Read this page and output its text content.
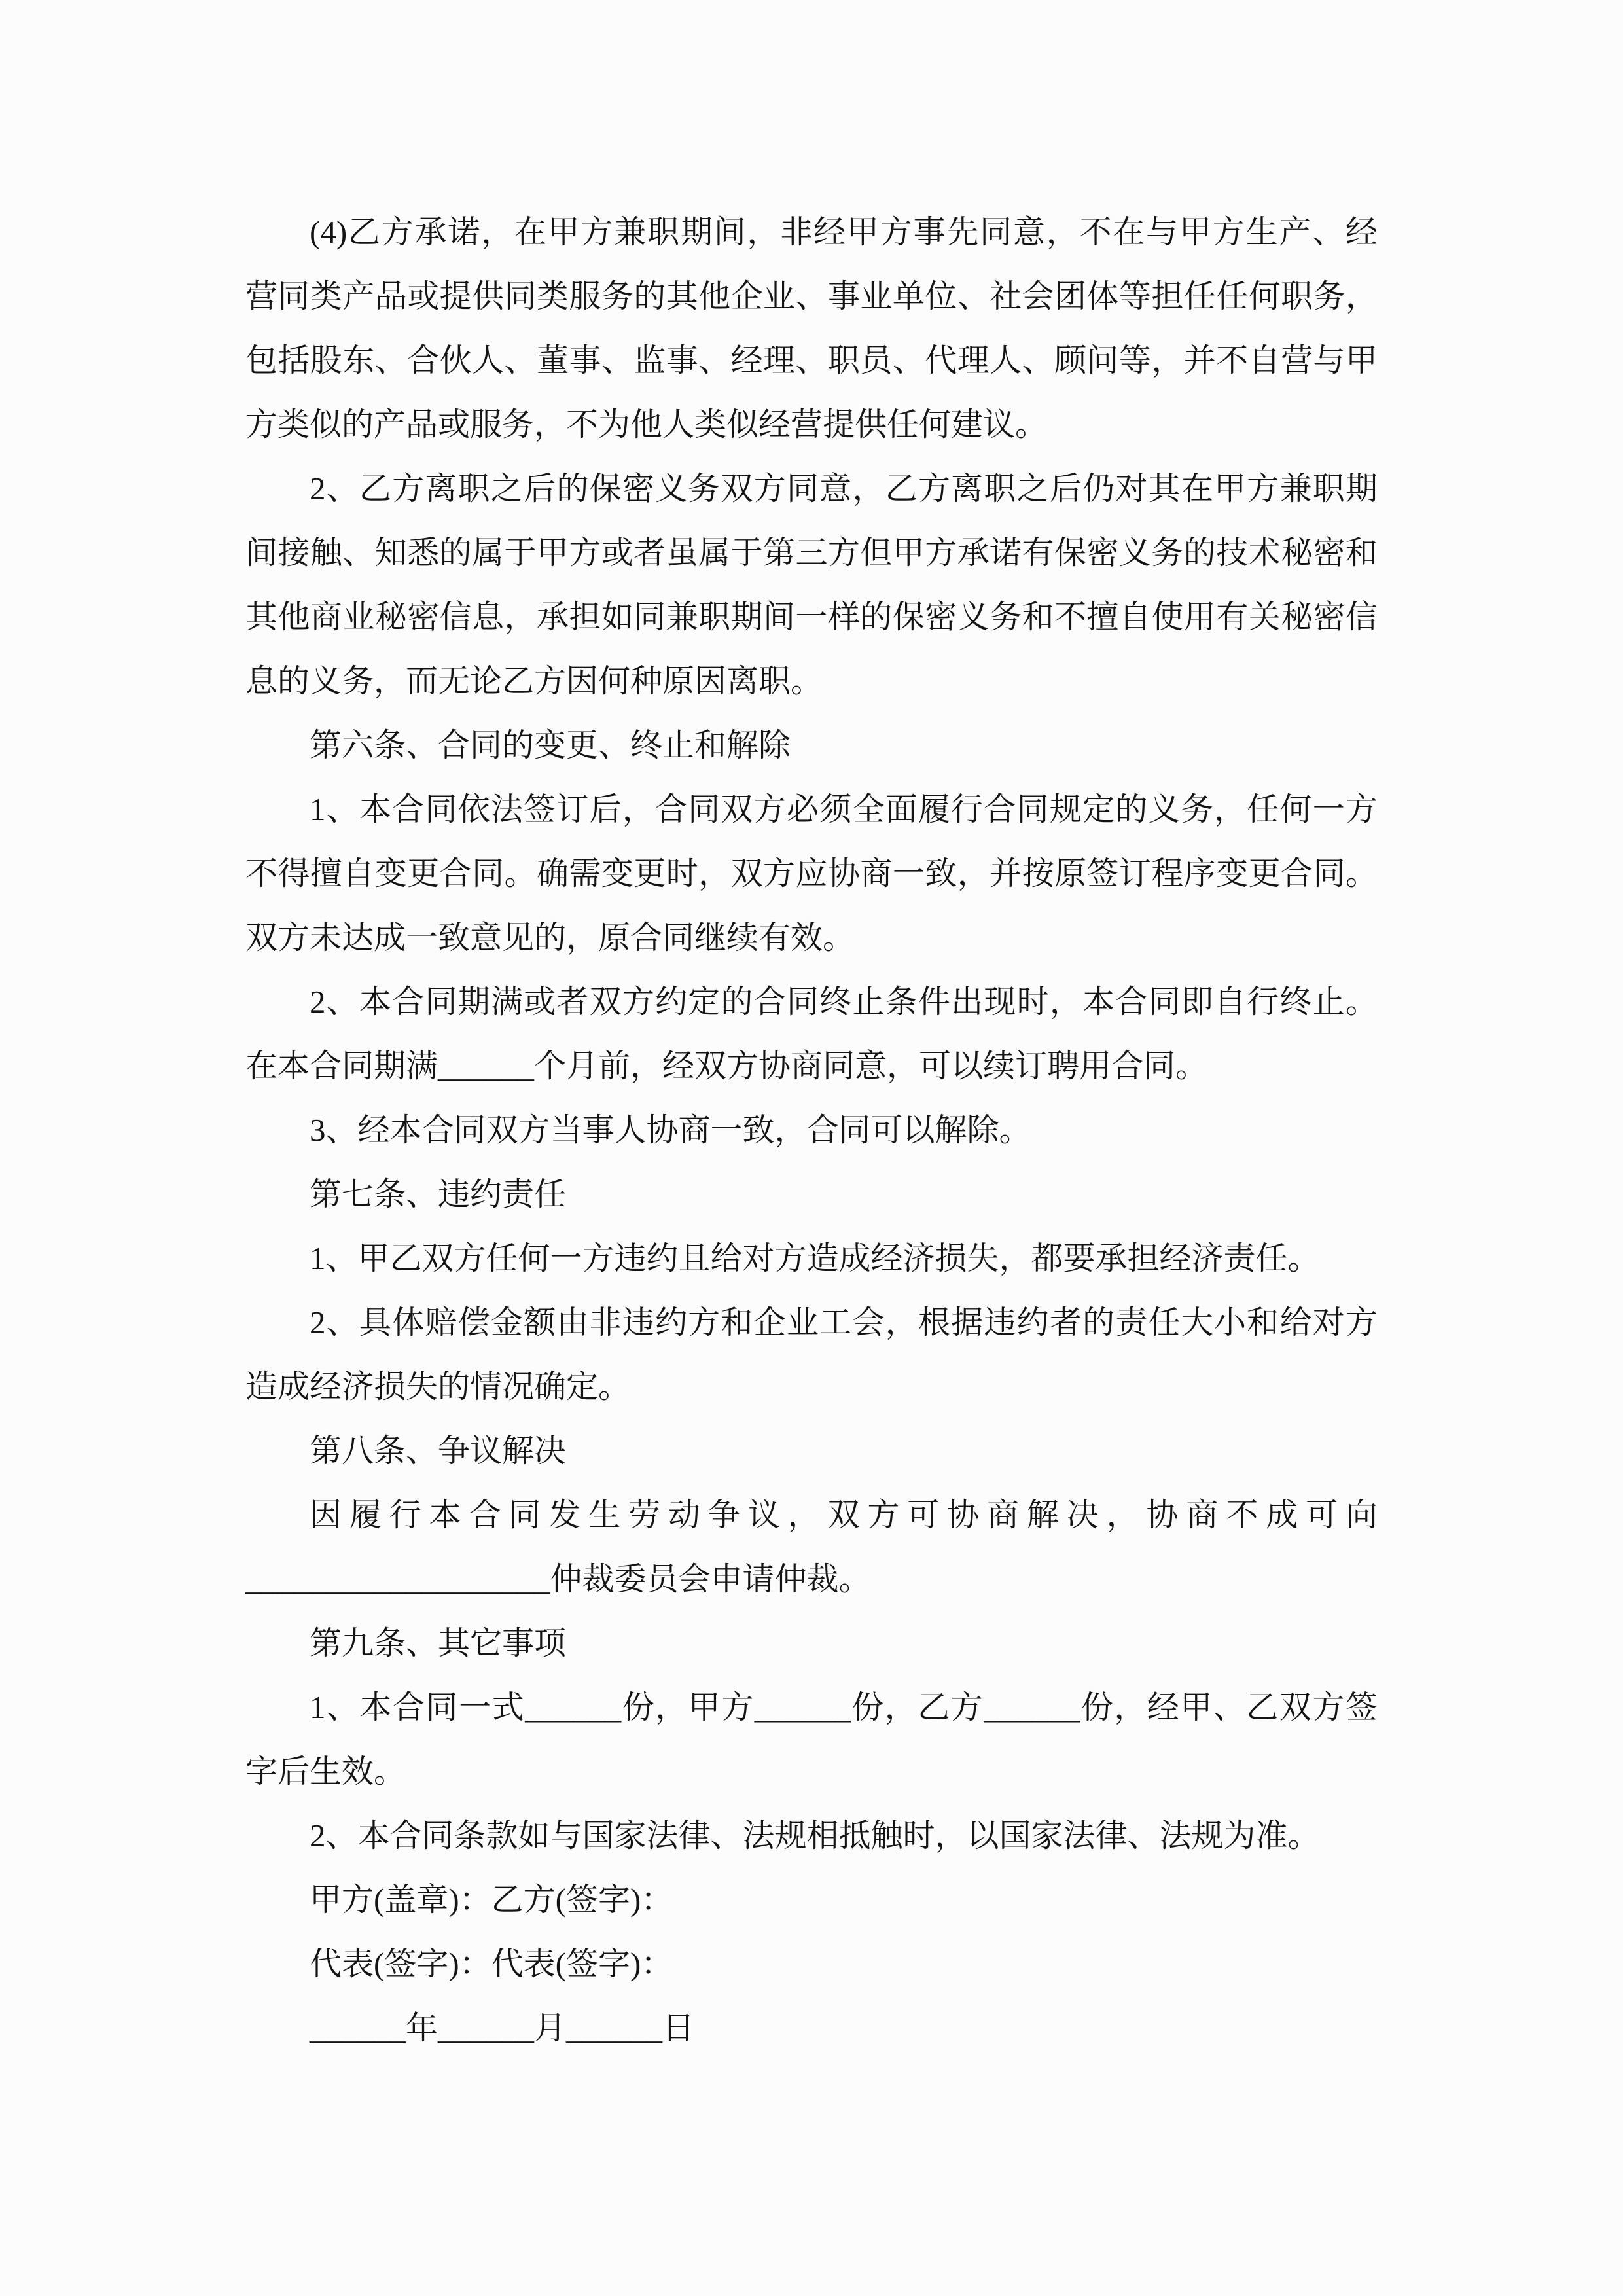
(4)乙方承诺，在甲方兼职期间，非经甲方事先同意，不在与甲方生产、经
营同类产品或提供同类服务的其他企业、事业单位、社会团体等担任任何职务，
包括股东、合伙人、董事、监事、经理、职员、代理人、顾问等，并不自营与甲
方类似的产品或服务，不为他人类似经营提供任何建议。
2、乙方离职之后的保密义务双方同意，乙方离职之后仍对其在甲方兼职期
间接触、知悉的属于甲方或者虽属于第三方但甲方承诺有保密义务的技术秘密和
其他商业秘密信息，承担如同兼职期间一样的保密义务和不擅自使用有关秘密信
息的义务，而无论乙方因何种原因离职。
第六条、合同的变更、终止和解除
1、本合同依法签订后，合同双方必须全面履行合同规定的义务，任何一方
不得擅自变更合同。确需变更时，双方应协商一致，并按原签订程序变更合同。
双方未达成一致意见的，原合同继续有效。
2、本合同期满或者双方约定的合同终止条件出现时，本合同即自行终止。
在本合同期满______个月前，经双方协商同意，可以续订聘用合同。
3、经本合同双方当事人协商一致，合同可以解除。
第七条、违约责任
1、甲乙双方任何一方违约且给对方造成经济损失，都要承担经济责任。
2、具体赔偿金额由非违约方和企业工会，根据违约者的责任大小和给对方
造成经济损失的情况确定。
第八条、争议解决
因履行本合同发生劳动争议，双方可协商解决，协商不成可向
___________________仲裁委员会申请仲裁。
第九条、其它事项
1、本合同一式______份，甲方______份，乙方______份，经甲、乙双方签
字后生效。
2、本合同条款如与国家法律、法规相抵触时，以国家法律、法规为准。
甲方(盖章)：乙方(签字)：
代表(签字)：代表(签字)：
______年______月______日
